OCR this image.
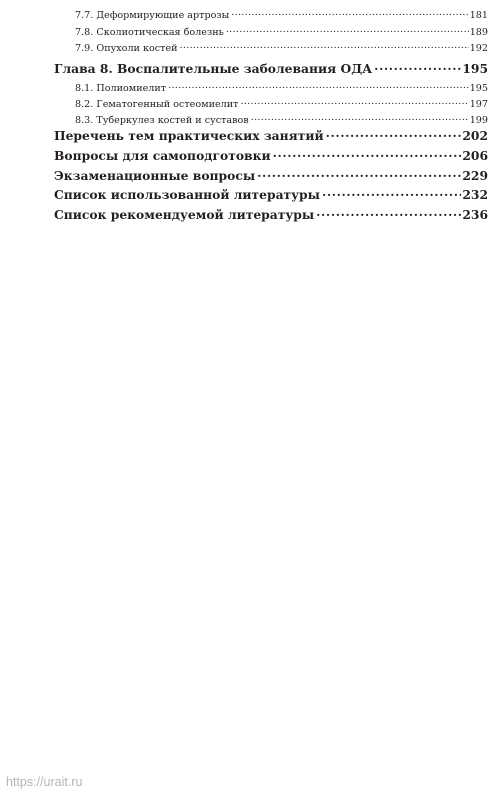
7.7. Деформирующие артрозы .....	181
7.8. Сколиотическая болезнь .....	189
7.9. Опухоли костей .....	192
Глава 8. Воспалительные заболевания ОДА .....	195
8.1. Полиомиелит .....	195
8.2. Гематогенный остеомиелит .....	197
8.3. Туберкулез костей и суставов .....	199
Перечень тем практических занятий .....	202
Вопросы для самоподготовки .....	206
Экзаменационные вопросы .....	229
Список использованной литературы .....	232
Список рекомендуемой литературы .....	236
https://urait.ru
